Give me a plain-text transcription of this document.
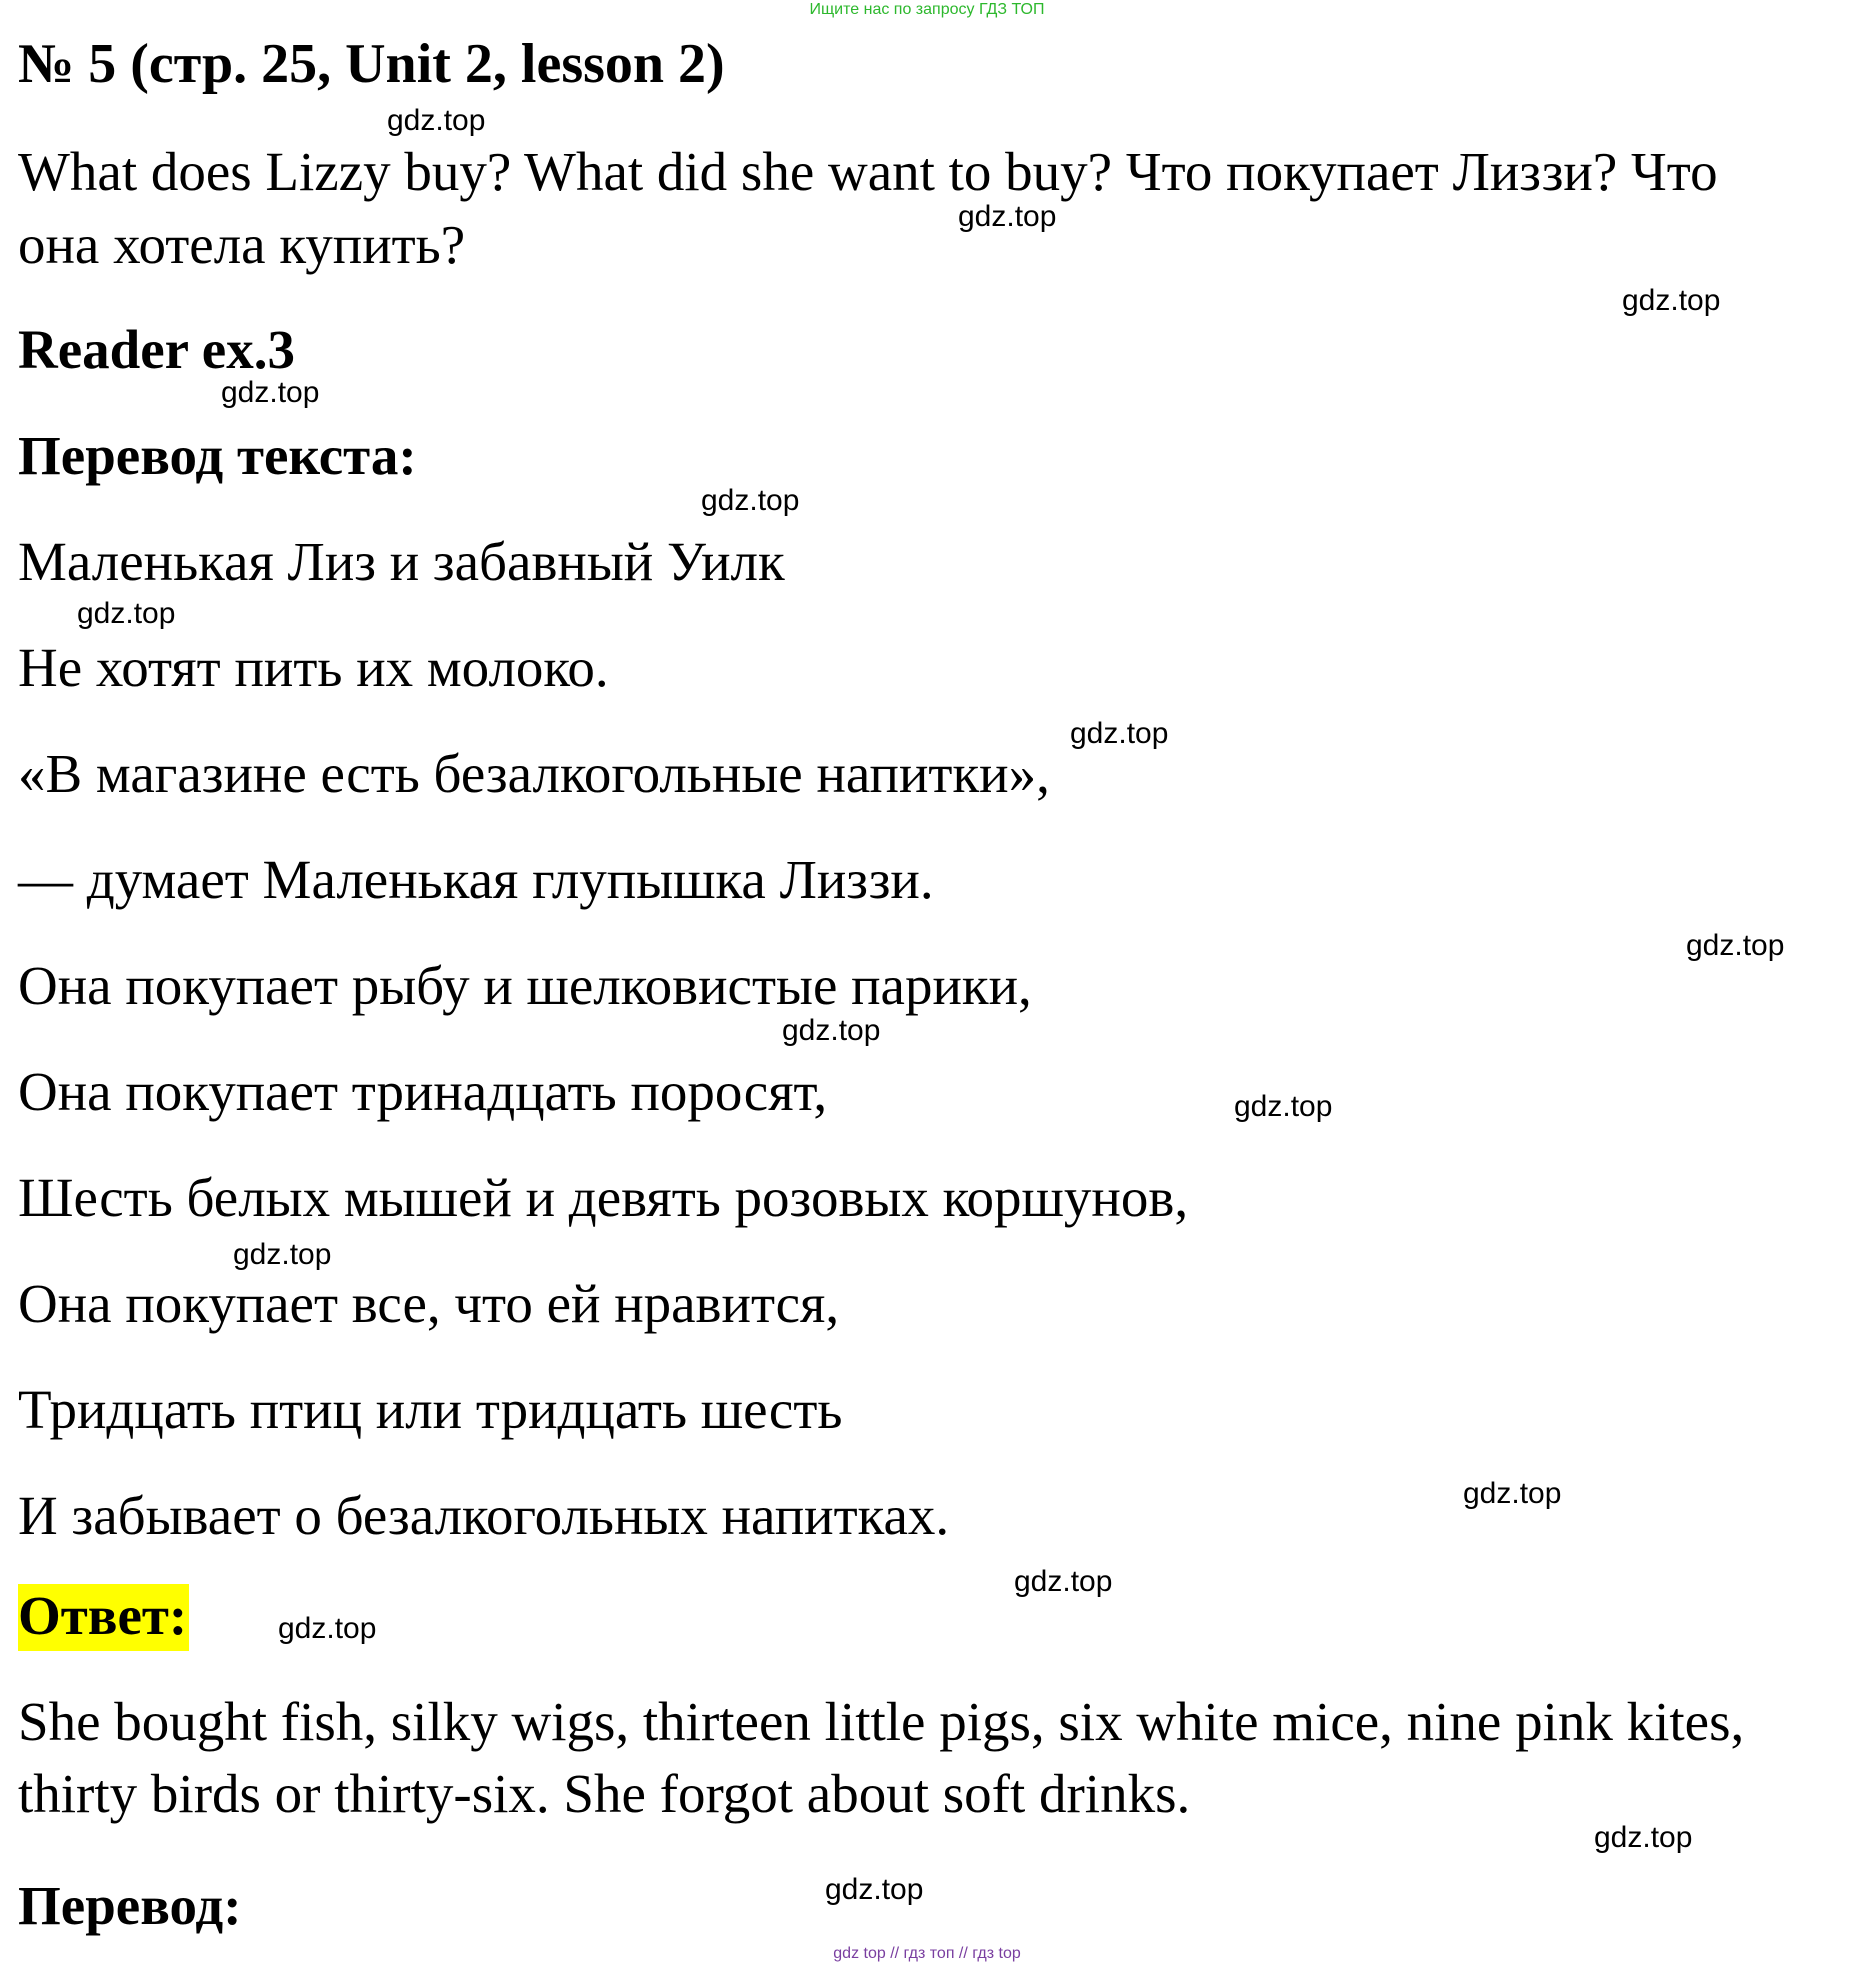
Ищите нас по запросу ГДЗ ТОП
№ 5 (стр. 25, Unit 2, lesson 2)
What does Lizzy buy? What did she want to buy? Что покупает Лиззи? Что
она хотела купить?
Reader ex.3
Перевод текста:
Маленькая Лиз и забавный Уилк
Не хотят пить их молоко.
«В магазине есть безалкогольные напитки»,
— думает Маленькая глупышка Лиззи.
Она покупает рыбу и шелковистые парики,
Она покупает тринадцать поросят,
Шесть белых мышей и девять розовых коршунов,
Она покупает все, что ей нравится,
Тридцать птиц или тридцать шесть
И забывает о безалкогольных напитках.
Ответ:
She bought fish, silky wigs, thirteen little pigs, six white mice, nine pink kites,
thirty birds or thirty-six. She forgot about soft drinks.
Перевод:
gdz.top
gdz.top
gdz.top
gdz.top
gdz.top
gdz.top
gdz.top
gdz.top
gdz.top
gdz.top
gdz.top
gdz.top
gdz.top
gdz.top
gdz.top
gdz.top
gdz top // гдз топ // гдз top
